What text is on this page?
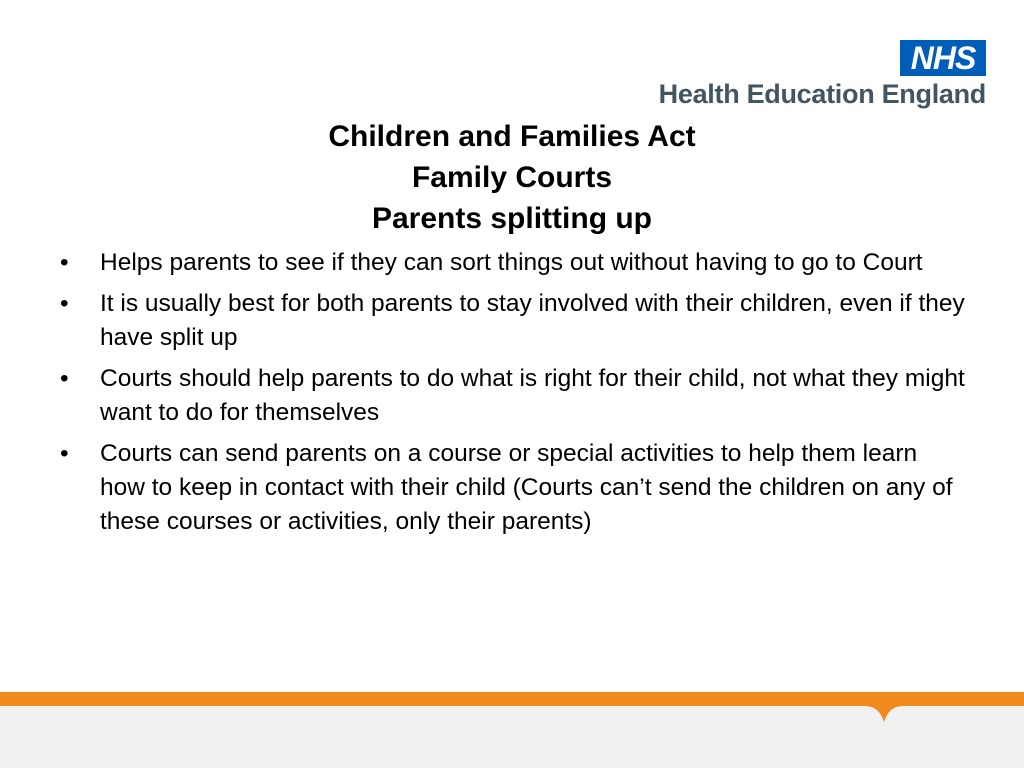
NHS
Health Education England
Children and Families Act
Family Courts
Parents splitting up
• Helps parents to see if they can sort things out without having to go to Court
• It is usually best for both parents to stay involved with their children, even if they have split up
• Courts should help parents to do what is right for their child, not what they might want to do for themselves
• Courts can send parents on a course or special activities to help them learn how to keep in contact with their child (Courts can’t send the children on any of these courses or activities, only their parents)
